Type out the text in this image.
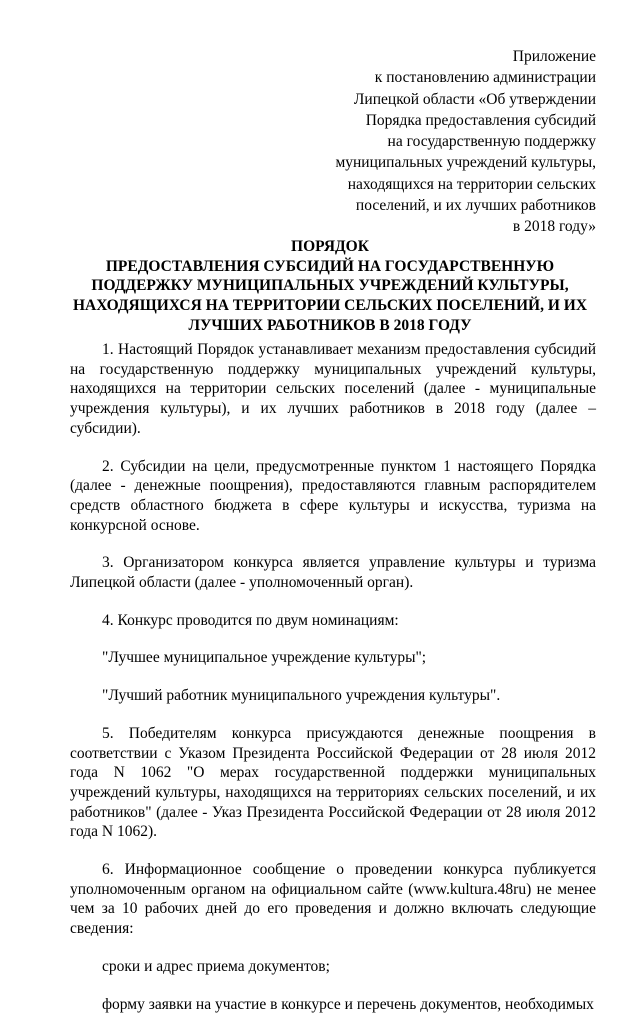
Приложение
к постановлению администрации
Липецкой области «Об утверждении
Порядка предоставления субсидий
на государственную поддержку
муниципальных учреждений культуры,
находящихся на территории сельских
поселений, и их лучших работников
в 2018 году»
ПОРЯДОК
ПРЕДОСТАВЛЕНИЯ СУБСИДИЙ НА ГОСУДАРСТВЕННУЮ
ПОДДЕРЖКУ МУНИЦИПАЛЬНЫХ УЧРЕЖДЕНИЙ КУЛЬТУРЫ,
НАХОДЯЩИХСЯ НА ТЕРРИТОРИИ СЕЛЬСКИХ ПОСЕЛЕНИЙ, И ИХ
ЛУЧШИХ РАБОТНИКОВ В 2018 ГОДУ

1. Настоящий Порядок устанавливает механизм предоставления субсидий на государственную поддержку муниципальных учреждений культуры, находящихся на территории сельских поселений (далее - муниципальные учреждения культуры), и их лучших работников в 2018 году (далее – субсидии).

2. Субсидии на цели, предусмотренные пунктом 1 настоящего Порядка (далее - денежные поощрения), предоставляются главным распорядителем средств областного бюджета в сфере культуры и искусства, туризма на конкурсной основе.

3. Организатором конкурса является управление культуры и туризма Липецкой области (далее - уполномоченный орган).

4. Конкурс проводится по двум номинациям:

"Лучшее муниципальное учреждение культуры";

"Лучший работник муниципального учреждения культуры".

5. Победителям конкурса присуждаются денежные поощрения в соответствии с Указом Президента Российской Федерации от 28 июля 2012 года N 1062 "О мерах государственной поддержки муниципальных учреждений культуры, находящихся на территориях сельских поселений, и их работников" (далее - Указ Президента Российской Федерации от 28 июля 2012 года N 1062).

6. Информационное сообщение о проведении конкурса публикуется уполномоченным органом на официальном сайте (www.kultura.48ru) не менее чем за 10 рабочих дней до его проведения и должно включать следующие сведения:

сроки и адрес приема документов;

форму заявки на участие в конкурсе и перечень документов, необходимых
